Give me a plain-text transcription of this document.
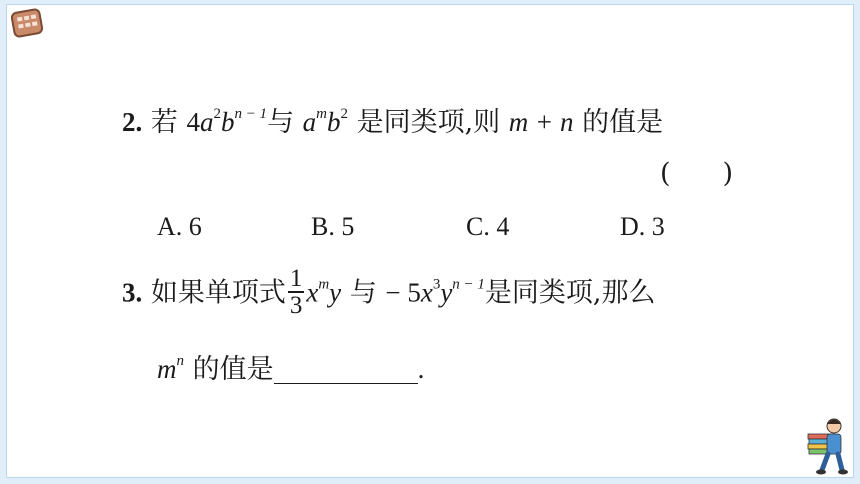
2. 若 $4a^2b^{n - 1}$与 $a^mb^2$ 是同类项,则 m + n 的值是
( )
A. 6	B. 5	C. 4	D. 3
3. 如果单项式 $\frac{1}{3} x^my$ 与 − $5x^3y^{n - 1}$是同类项,那么
$m^n$ 的值是	.
